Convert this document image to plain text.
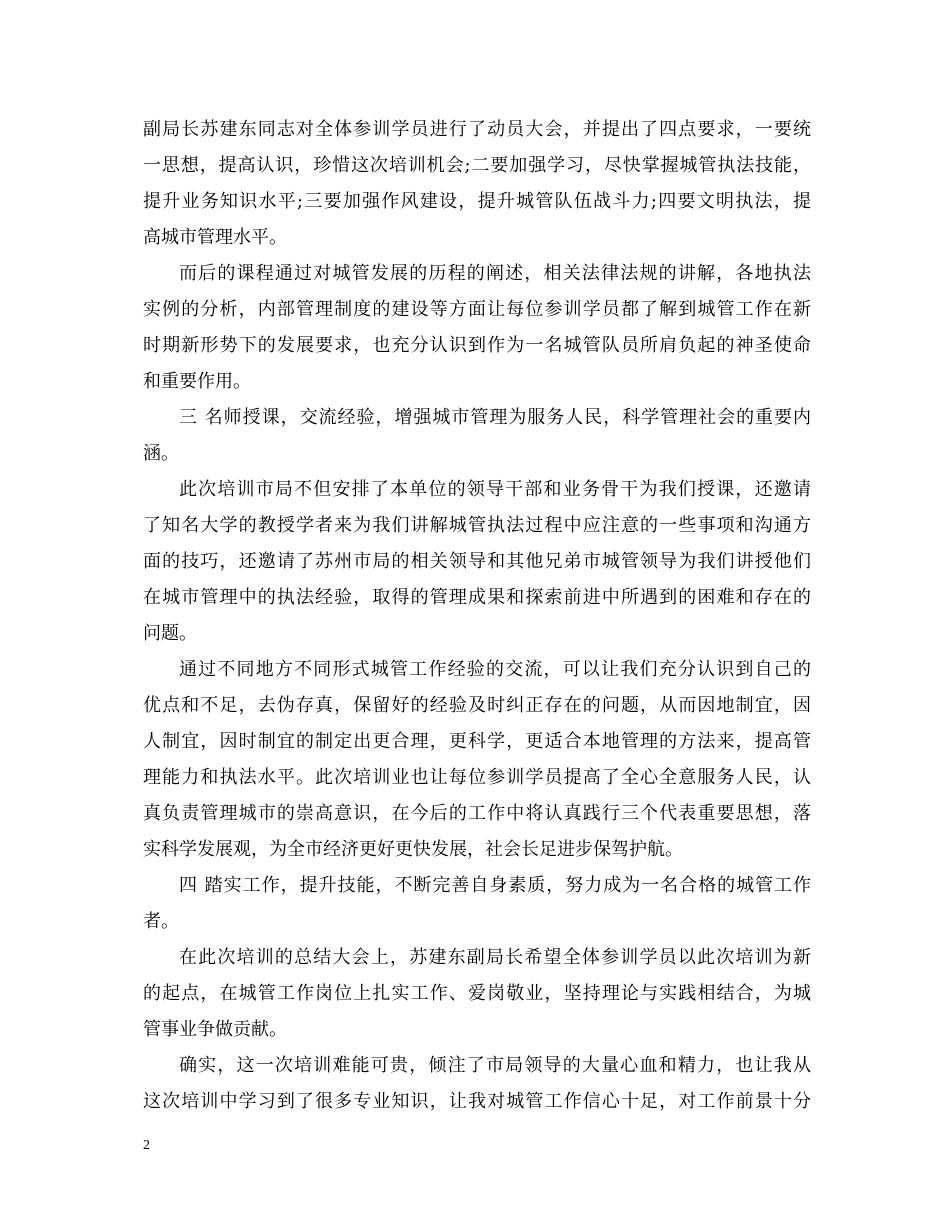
副局长苏建东同志对全体参训学员进行了动员大会，并提出了四点要求，一要统
一思想，提高认识，珍惜这次培训机会;二要加强学习，尽快掌握城管执法技能，
提升业务知识水平;三要加强作风建设，提升城管队伍战斗力;四要文明执法，提
高城市管理水平。
而后的课程通过对城管发展的历程的阐述，相关法律法规的讲解，各地执法
实例的分析，内部管理制度的建设等方面让每位参训学员都了解到城管工作在新
时期新形势下的发展要求，也充分认识到作为一名城管队员所肩负起的神圣使命
和重要作用。
三 名师授课，交流经验，增强城市管理为服务人民，科学管理社会的重要内
涵。
此次培训市局不但安排了本单位的领导干部和业务骨干为我们授课，还邀请
了知名大学的教授学者来为我们讲解城管执法过程中应注意的一些事项和沟通方
面的技巧，还邀请了苏州市局的相关领导和其他兄弟市城管领导为我们讲授他们
在城市管理中的执法经验，取得的管理成果和探索前进中所遇到的困难和存在的
问题。
通过不同地方不同形式城管工作经验的交流，可以让我们充分认识到自己的
优点和不足，去伪存真，保留好的经验及时纠正存在的问题，从而因地制宜，因
人制宜，因时制宜的制定出更合理，更科学，更适合本地管理的方法来，提高管
理能力和执法水平。此次培训业也让每位参训学员提高了全心全意服务人民，认
真负责管理城市的崇高意识，在今后的工作中将认真践行三个代表重要思想，落
实科学发展观，为全市经济更好更快发展，社会长足进步保驾护航。
四 踏实工作，提升技能，不断完善自身素质，努力成为一名合格的城管工作
者。
在此次培训的总结大会上，苏建东副局长希望全体参训学员以此次培训为新
的起点，在城管工作岗位上扎实工作、爱岗敬业，坚持理论与实践相结合，为城
管事业争做贡献。
确实，这一次培训难能可贵，倾注了市局领导的大量心血和精力，也让我从
这次培训中学习到了很多专业知识，让我对城管工作信心十足，对工作前景十分
2
